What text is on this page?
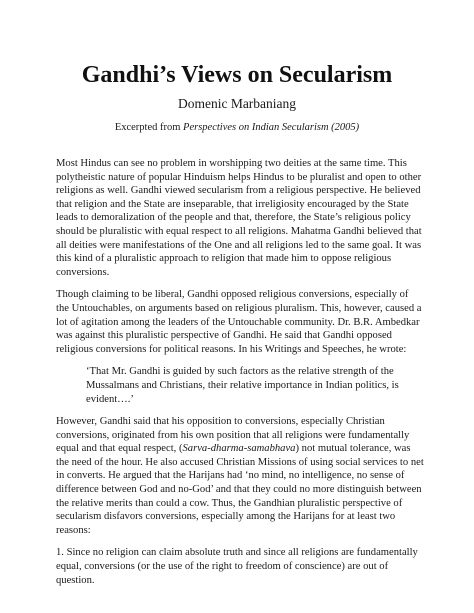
Gandhi’s Views on Secularism
Domenic Marbaniang
Excerpted from Perspectives on Indian Secularism (2005)

Most Hindus can see no problem in worshipping two deities at the same time. This polytheistic nature of popular Hinduism helps Hindus to be pluralist and open to other religions as well. Gandhi viewed secularism from a religious perspective. He believed that religion and the State are inseparable, that irreligiosity encouraged by the State leads to demoralization of the people and that, therefore, the State’s religious policy should be pluralistic with equal respect to all religions. Mahatma Gandhi believed that all deities were manifestations of the One and all religions led to the same goal. It was this kind of a pluralistic approach to religion that made him to oppose religious conversions.

Though claiming to be liberal, Gandhi opposed religious conversions, especially of the Untouchables, on arguments based on religious pluralism. This, however, caused a lot of agitation among the leaders of the Untouchable community. Dr. B.R. Ambedkar was against this pluralistic perspective of Gandhi. He said that Gandhi opposed religious conversions for political reasons. In his Writings and Speeches, he wrote:

‘That Mr. Gandhi is guided by such factors as the relative strength of the Mussalmans and Christians, their relative importance in Indian politics, is evident….’

However, Gandhi said that his opposition to conversions, especially Christian conversions, originated from his own position that all religions were fundamentally equal and that equal respect, (Sarva-dharma-samabhava) not mutual tolerance, was the need of the hour. He also accused Christian Missions of using social services to net in converts. He argued that the Harijans had ‘no mind, no intelligence, no sense of difference between God and no-God’ and that they could no more distinguish between the relative merits than could a cow. Thus, the Gandhian pluralistic perspective of secularism disfavors conversions, especially among the Harijans for at least two reasons:

1. Since no religion can claim absolute truth and since all religions are fundamentally equal, conversions (or the use of the right to freedom of conscience) are out of question.
